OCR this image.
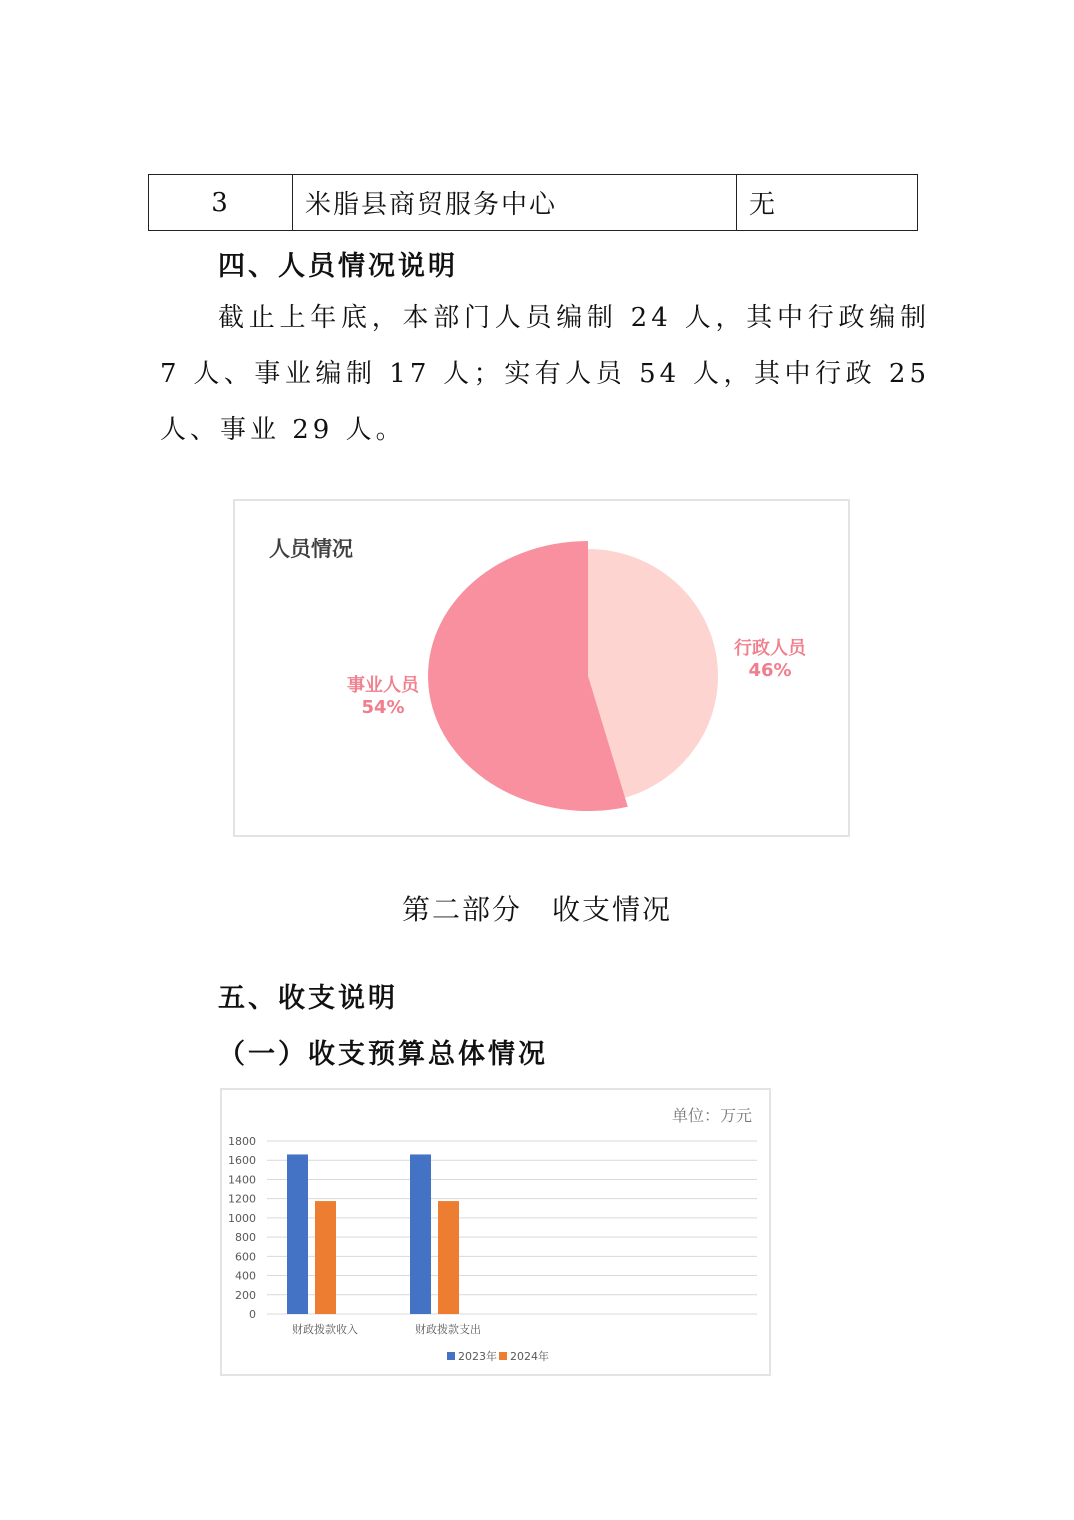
3	米脂县商贸服务中心	无
四、人员情况说明
截止上年底，本部门人员编制 24 人，其中行政编制 7 人、事业编制 17 人；实有人员 54 人，其中行政 25 人、事业 29 人。
人员情况
行政人员
46%
事业人员
54%
第二部分　收支情况
五、收支说明
（一）收支预算总体情况
单位：万元
0
200
400
600
800
1000
1200
1400
1600
1800
财政拨款收入	财政拨款支出
2023年 2024年
